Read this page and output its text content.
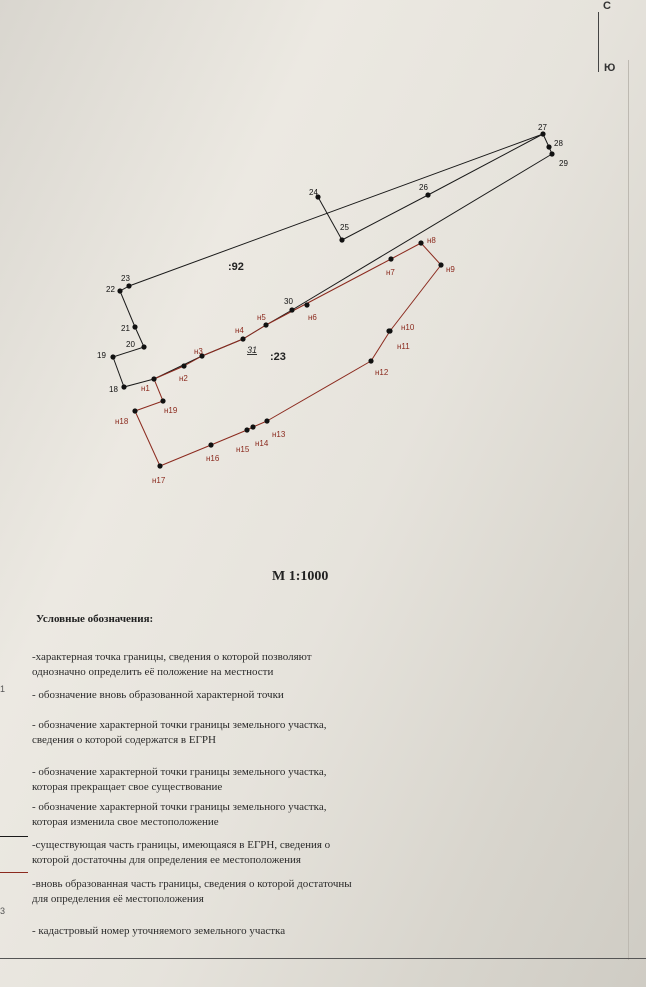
С
Ю
27
28
29
24
26
25
23
22
21
20
19
18
30
н8
н7	н9
н5	н6
н10
н11
н4
н3
н2
н1
н12
н19
н18
н13
н14
н15
н16
н17
:92
:23
31
М 1:1000
Условные обозначения:
-характерная точка границы, сведения о которой позволяют
однозначно определить её положение на местности
- обозначение вновь образованной характерной точки
- обозначение характерной точки границы земельного участка,
сведения о которой содержатся в ЕГРН
- обозначение характерной точки границы земельного участка,
которая прекращает свое существование
- обозначение характерной точки границы земельного участка,
которая изменила свое местоположение
-существующая часть границы, имеющаяся в ЕГРН, сведения о
которой достаточны для определения ее местоположения
-вновь образованная часть границы, сведения о которой достаточны
для определения её местоположения
- кадастровый номер уточняемого земельного участка
1
3
